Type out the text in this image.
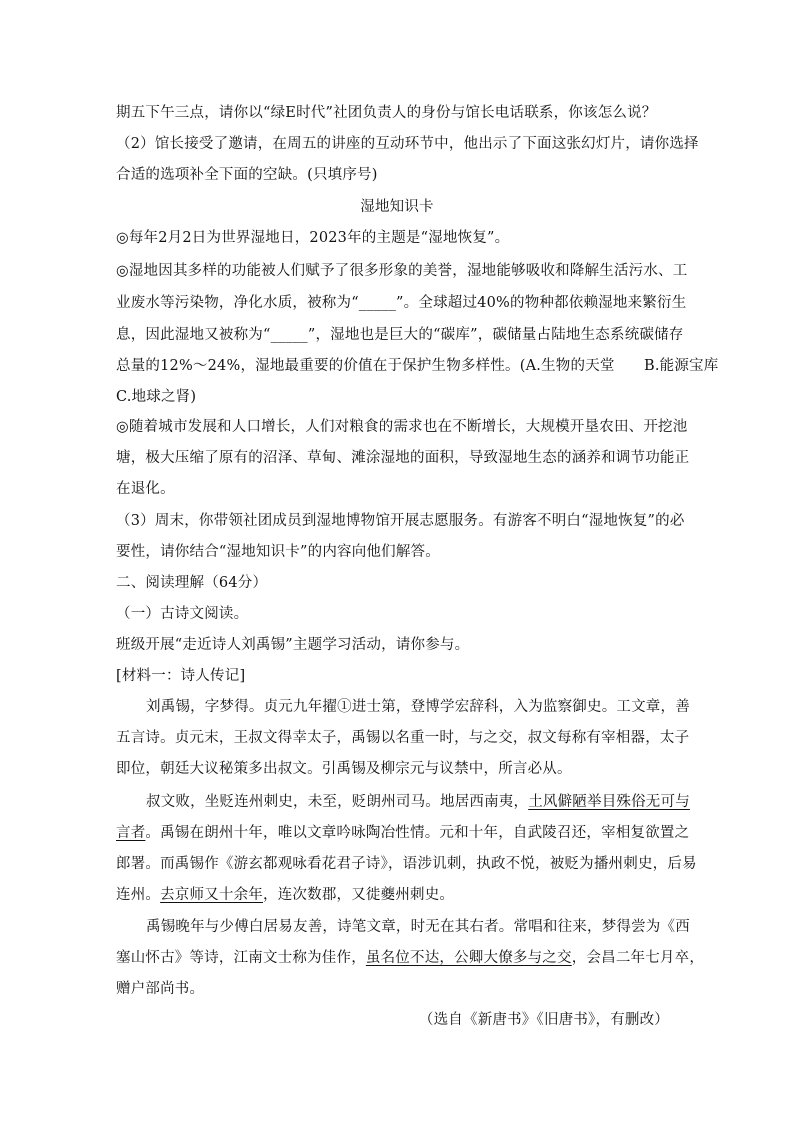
期五下午三点，请你以“绿E时代”社团负责人的身份与馆长电话联系，你该怎么说？
（2）馆长接受了邀请，在周五的讲座的互动环节中，他出示了下面这张幻灯片，请你选择
合适的选项补全下面的空缺。(只填序号)
湿地知识卡
◎每年2月2日为世界湿地日，2023年的主题是“湿地恢复”。
◎湿地因其多样的功能被人们赋予了很多形象的美誉，湿地能够吸收和降解生活污水、工
业废水等污染物，净化水质，被称为“_____”。全球超过40%的物种都依赖湿地来繁衍生
息，因此湿地又被称为“_____”，湿地也是巨大的“碳库”，碳储量占陆地生态系统碳储存
总量的12%～24%，湿地最重要的价值在于保护生物多样性。(A.生物的天堂　　B.能源宝库
C.地球之肾)
◎随着城市发展和人口增长，人们对粮食的需求也在不断增长，大规模开垦农田、开挖池
塘，极大压缩了原有的沼泽、草甸、滩涂湿地的面积，导致湿地生态的涵养和调节功能正
在退化。
（3）周末，你带领社团成员到湿地博物馆开展志愿服务。有游客不明白“湿地恢复”的必
要性，请你结合“湿地知识卡”的内容向他们解答。
二、阅读理解（64分）
（一）古诗文阅读。
班级开展“走近诗人刘禹锡”主题学习活动，请你参与。
[材料一：诗人传记]
刘禹锡，字梦得。贞元九年擢①进士第，登博学宏辞科，入为监察御史。工文章，善
五言诗。贞元末，王叔文得幸太子，禹锡以名重一时，与之交，叔文每称有宰相器，太子
即位，朝廷大议秘策多出叔文。引禹锡及柳宗元与议禁中，所言必从。
叔文败，坐贬连州刺史，未至，贬朗州司马。地居西南夷，土风僻陋举目殊俗无可与
言者。禹锡在朗州十年，唯以文章吟咏陶冶性情。元和十年，自武陵召还，宰相复欲置之
郎署。而禹锡作《游玄都观咏看花君子诗》，语涉讥刺，执政不悦，被贬为播州刺史，后易
连州。去京师又十余年，连次数郡，又徙夔州刺史。
禹锡晚年与少傅白居易友善，诗笔文章，时无在其右者。常唱和往来，梦得尝为《西
塞山怀古》等诗，江南文士称为佳作，虽名位不达，公卿大僚多与之交，会昌二年七月卒，
赠户部尚书。
（选自《新唐书》《旧唐书》，有删改）
